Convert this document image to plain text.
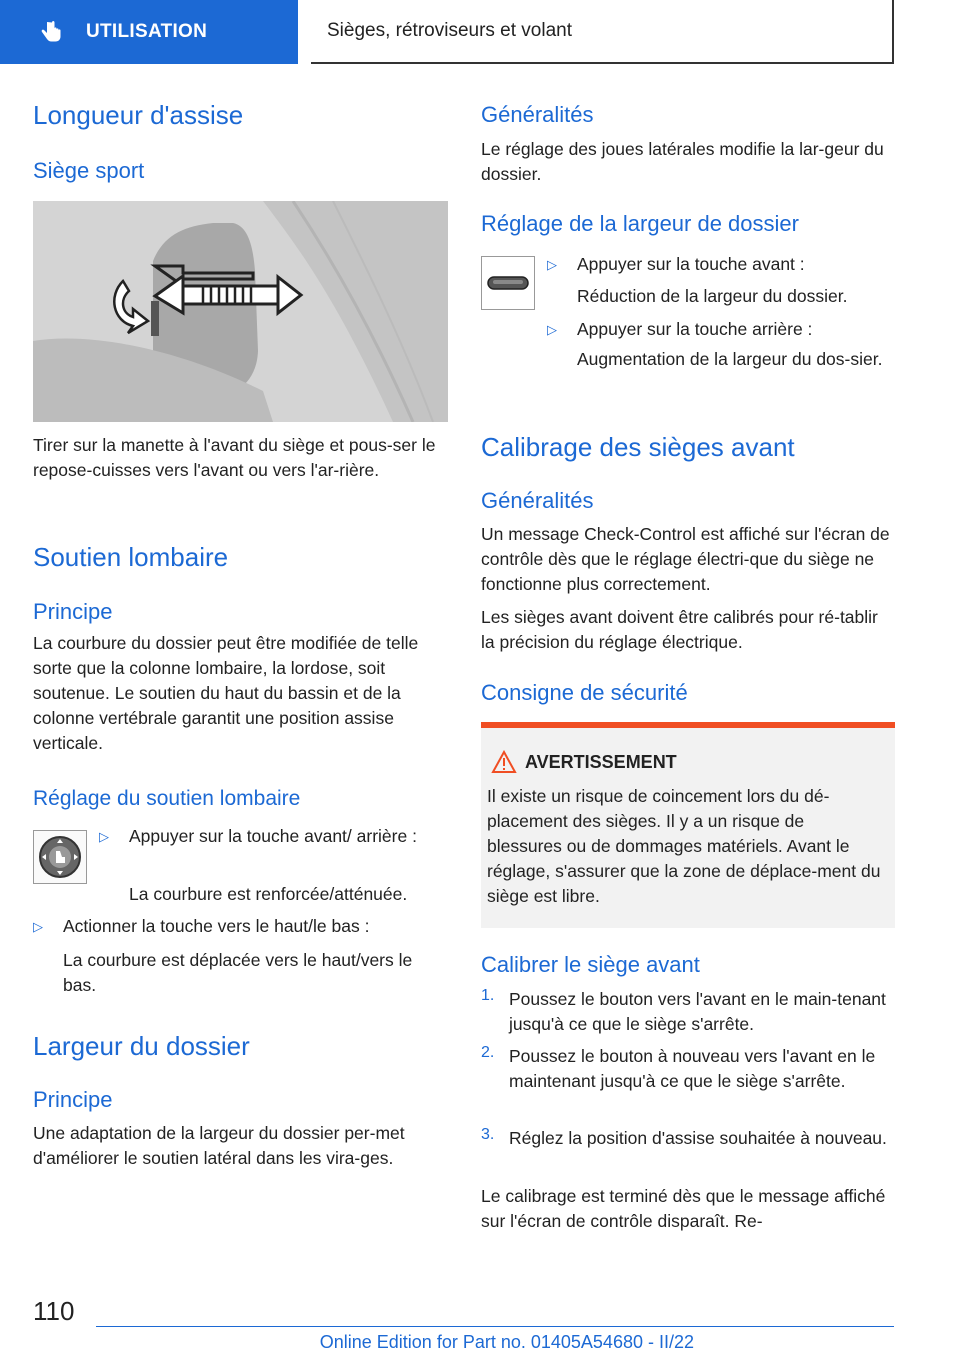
UTILISATION	Sièges, rétroviseurs et volant
Longueur d'assise
Siège sport

Tirer sur la manette à l'avant du siège et pous-ser le repose-cuisses vers l'avant ou vers l'ar-rière.

Soutien lombaire
Principe

La courbure du dossier peut être modifiée de telle sorte que la colonne lombaire, la lordose, soit soutenue. Le soutien du haut du bassin et de la colonne vertébrale garantit une position assise verticale.

Réglage du soutien lombaire
▷	Appuyer sur la touche avant/ arrière :

La courbure est renforcée/atténuée.

▷	Actionner la touche vers le haut/le bas :

La courbure est déplacée vers le haut/vers le bas.

Largeur du dossier
Principe

Une adaptation de la largeur du dossier per-met d'améliorer le soutien latéral dans les vira-ges.

Généralités

Le réglage des joues latérales modifie la lar-geur du dossier.

Réglage de la largeur de dossier
▷	Appuyer sur la touche avant :

Réduction de la largeur du dossier.

▷	Appuyer sur la touche arrière :

Augmentation de la largeur du dos-sier.

Calibrage des sièges avant
Généralités

Un message Check-Control est affiché sur l'écran de contrôle dès que le réglage électri-que du siège ne fonctionne plus correctement.

Les sièges avant doivent être calibrés pour ré-tablir la précision du réglage électrique.

Consigne de sécurité
AVERTISSEMENT

Il existe un risque de coincement lors du dé-placement des sièges. Il y a un risque de blessures ou de dommages matériels. Avant le réglage, s'assurer que la zone de déplace-ment du siège est libre.

Calibrer le siège avant
1. Poussez le bouton vers l'avant en le main-tenant jusqu'à ce que le siège s'arrête.

2. Poussez le bouton à nouveau vers l'avant en le maintenant jusqu'à ce que le siège s'arrête.

3. Réglez la position d'assise souhaitée à nouveau.

Le calibrage est terminé dès que le message affiché sur l'écran de contrôle disparaît. Re-

110
Online Edition for Part no. 01405A54680 - II/22
